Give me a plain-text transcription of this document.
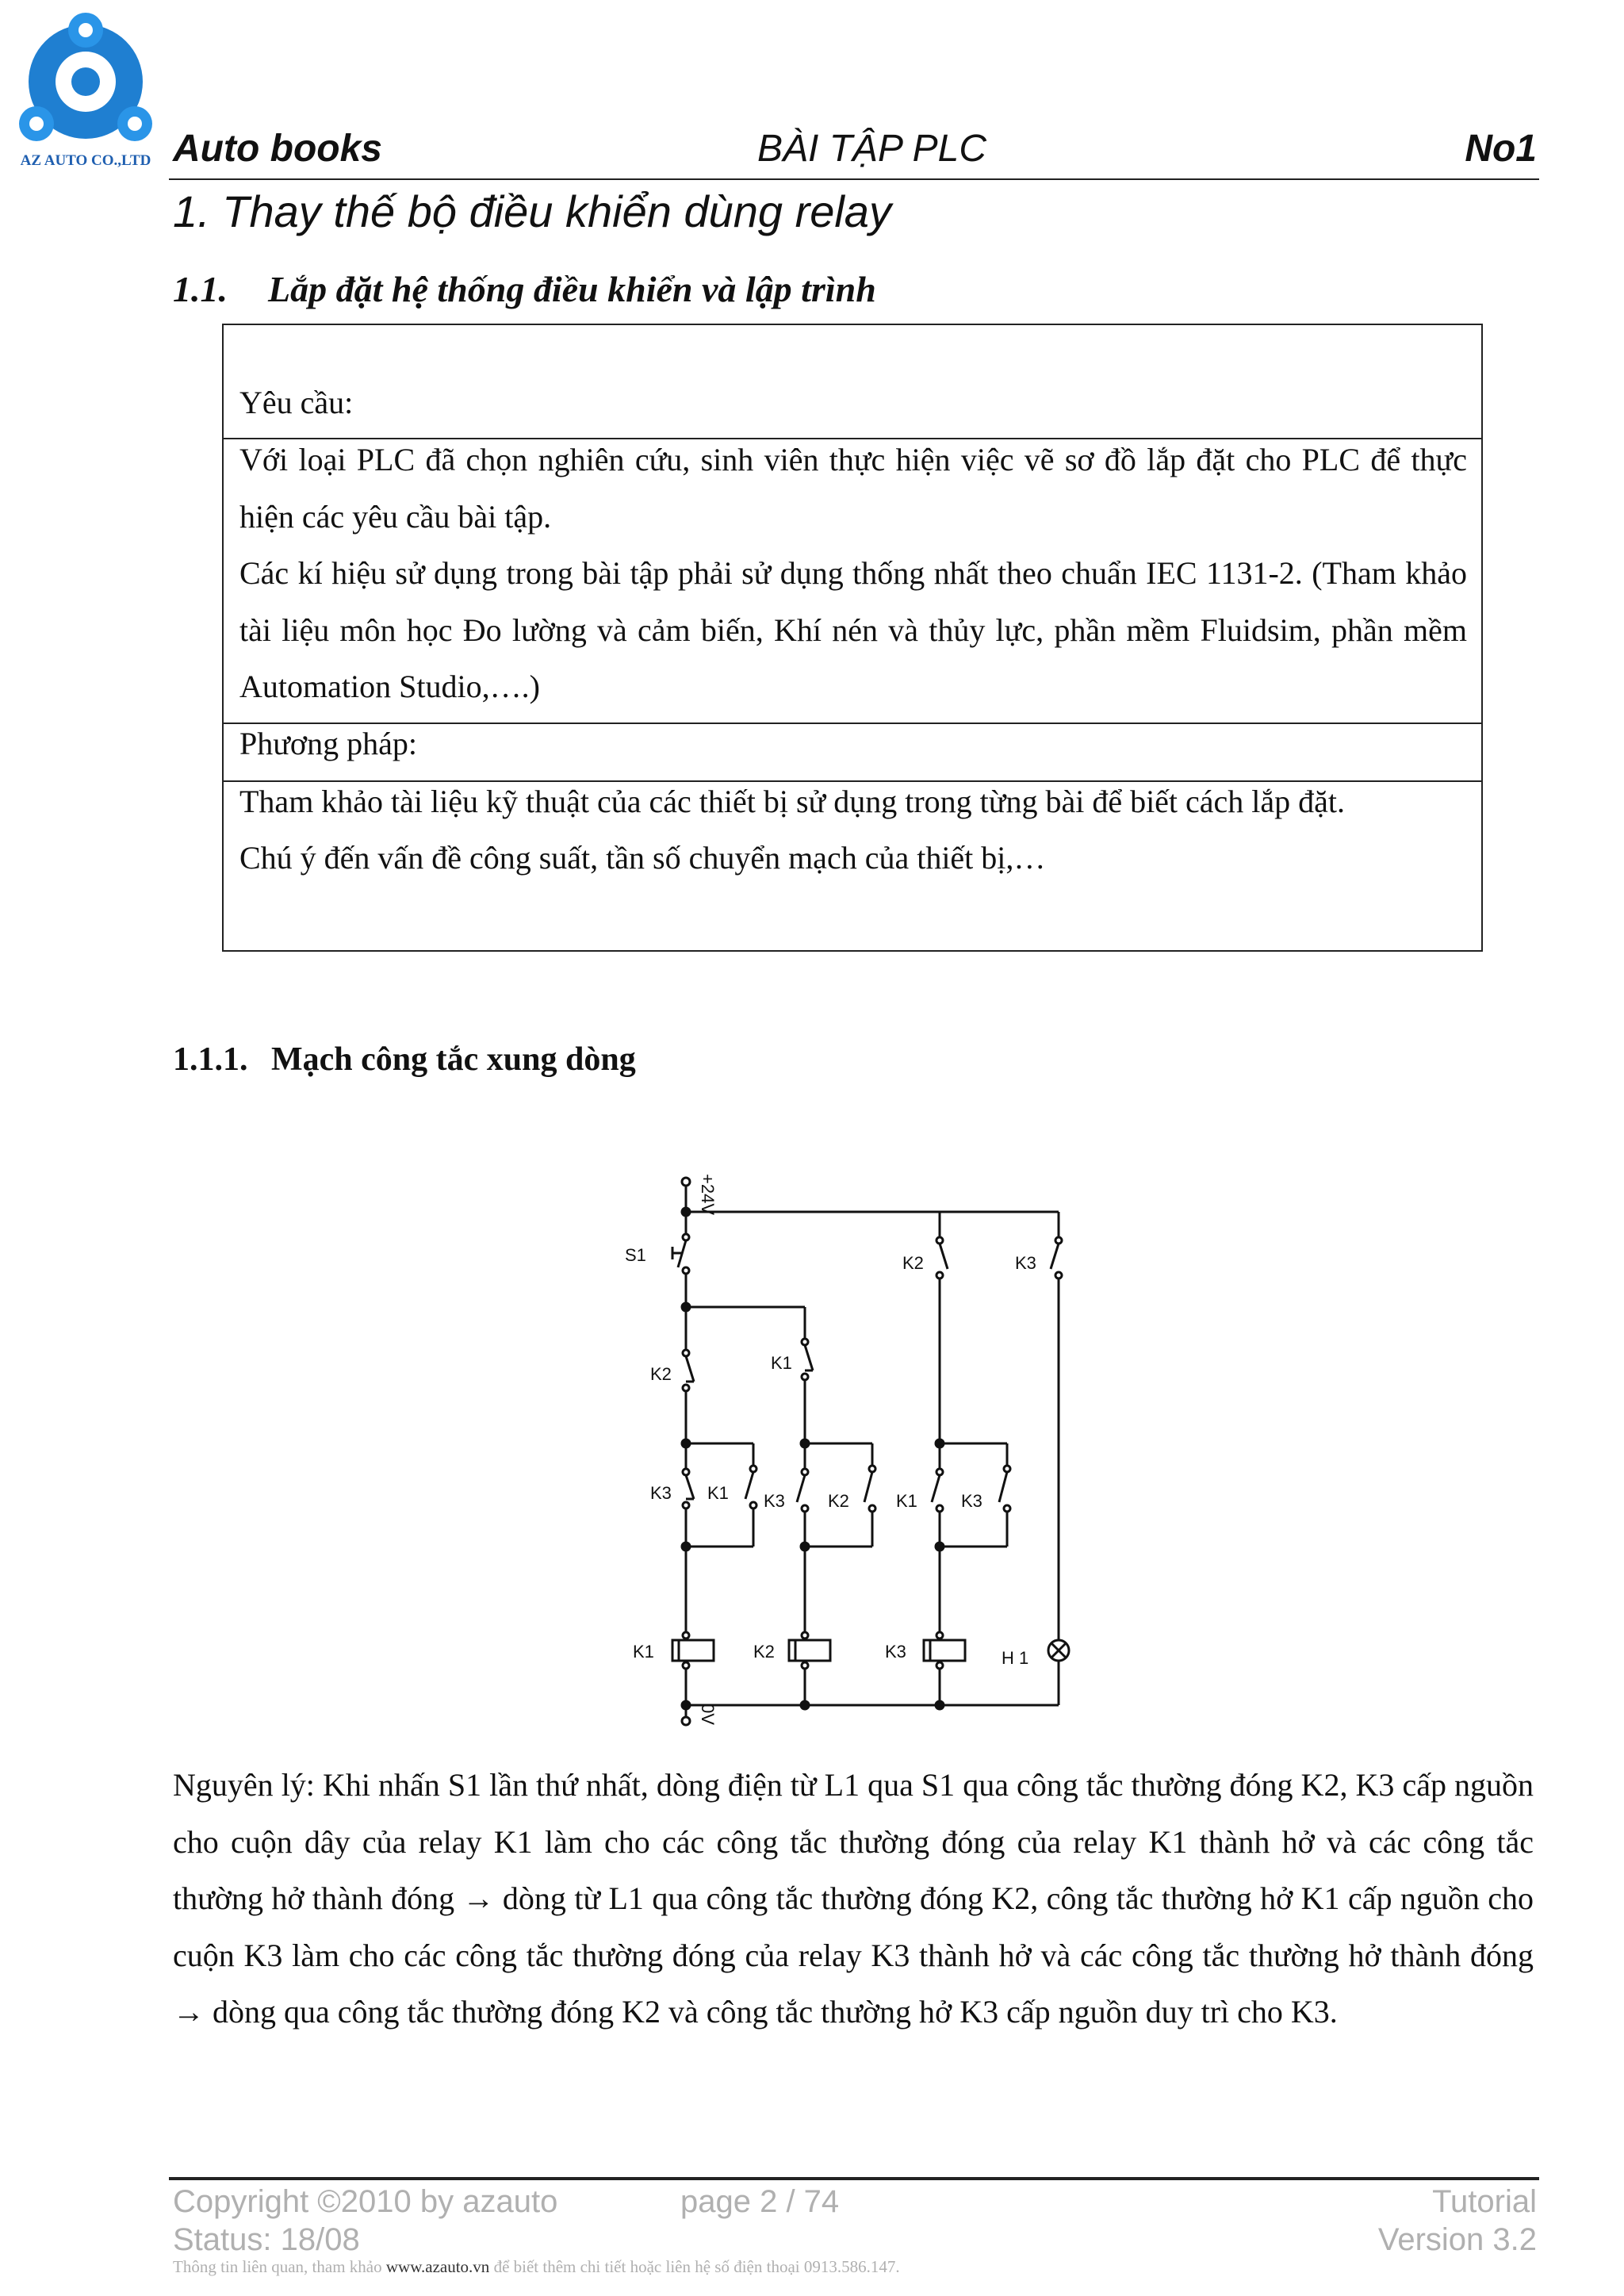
AZ AUTO CO.,LTD Auto books	BÀI TẬP PLC	No1
1. Thay thế bộ điều khiển dùng relay
1.1. Lắp đặt hệ thống điều khiển và lập trình
Yêu cầu:
Với loại PLC đã chọn nghiên cứu, sinh viên thực hiện việc vẽ sơ đồ lắp đặt cho PLC để thực hiện các yêu cầu bài tập.
Các kí hiệu sử dụng trong bài tập phải sử dụng thống nhất theo chuẩn IEC 1131-2. (Tham khảo tài liệu môn học Đo lường và cảm biến, Khí nén và thủy lực, phần mềm Fluidsim, phần mềm Automation Studio,….)
Phương pháp:
Tham khảo tài liệu kỹ thuật của các thiết bị sử dụng trong từng bài để biết cách lắp đặt.
Chú ý đến vấn đề công suất, tần số chuyển mạch của thiết bị,…
1.1.1. Mạch công tắc xung dòng
+24V
0V
S1
K2
K3 K1
K1
K1
K3 K2
K2
K2
K1	K3
K3
K3
H 1
Nguyên lý: Khi nhấn S1 lần thứ nhất, dòng điện từ L1 qua S1 qua công tắc thường đóng K2, K3 cấp nguồn cho cuộn dây của relay K1 làm cho các công tắc thường đóng của relay K1 thành hở và các công tắc thường hở thành đóng → dòng từ L1 qua công tắc thường đóng K2, công tắc thường hở K1 cấp nguồn cho cuộn K3 làm cho các công tắc thường đóng của relay K3 thành hở và các công tắc thường hở thành đóng → dòng qua công tắc thường đóng K2 và công tắc thường hở K3 cấp nguồn duy trì cho K3.
Copyright ©2010 by azauto
Status: 18/08
page 2 / 74	Tutorial
Version 3.2
Thông tin liên quan, tham khảo www.azauto.vn để biết thêm chi tiết hoặc liên hệ số điện thoại 0913.586.147.
